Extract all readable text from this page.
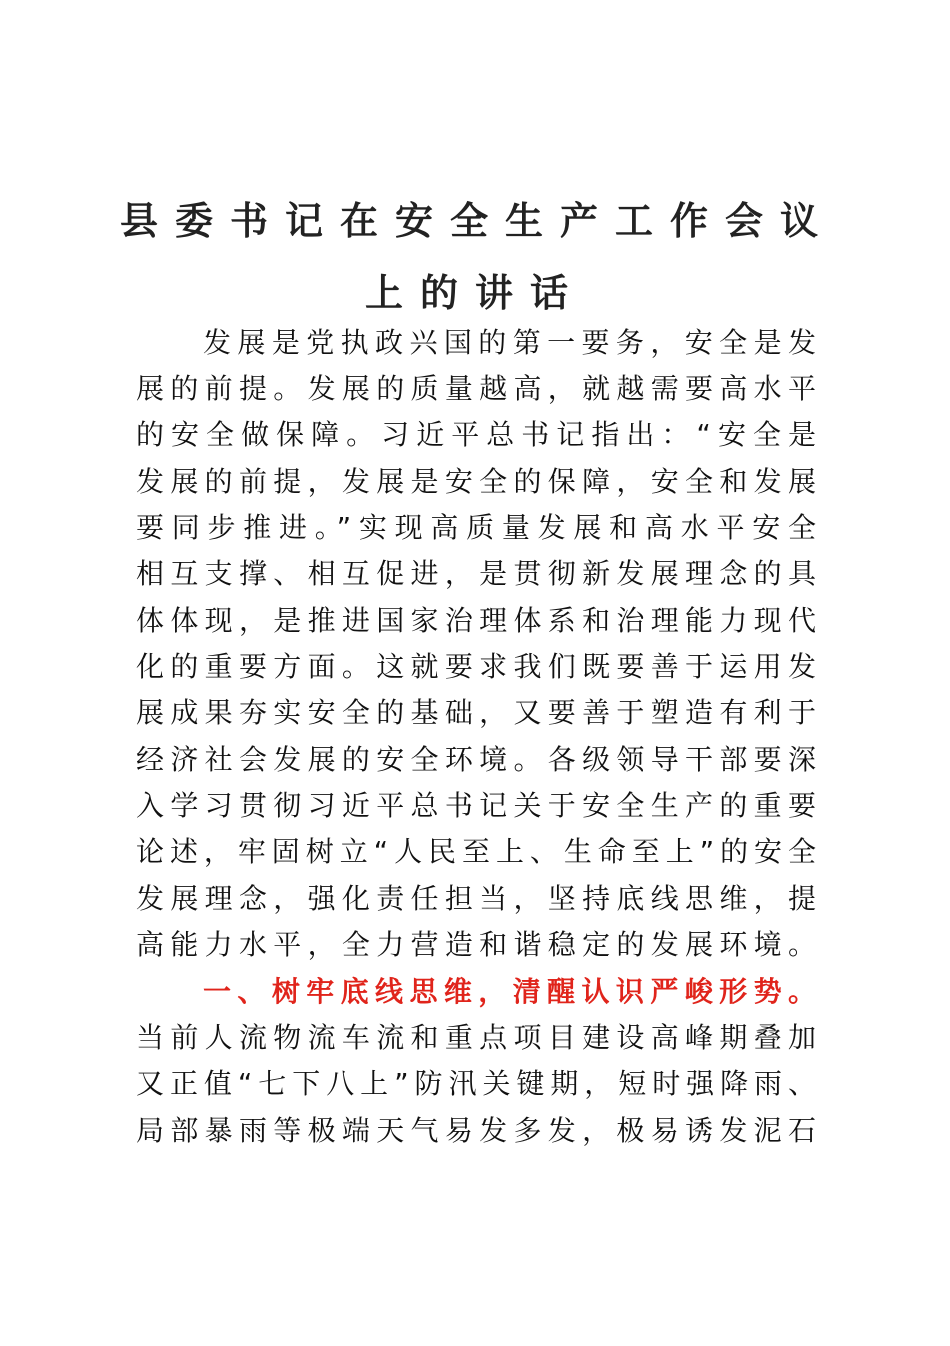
县委书记在安全生产工作会议
上的讲话
发展是党执政兴国的第一要务，安全是发
展的前提。发展的质量越高，就越需要高水平
的安全做保障。习近平总书记指出：“安全是
发展的前提，发展是安全的保障，安全和发展
要同步推进。”实现高质量发展和高水平安全
相互支撑、相互促进，是贯彻新发展理念的具
体体现，是推进国家治理体系和治理能力现代
化的重要方面。这就要求我们既要善于运用发
展成果夯实安全的基础，又要善于塑造有利于
经济社会发展的安全环境。各级领导干部要深
入学习贯彻习近平总书记关于安全生产的重要
论述，牢固树立“人民至上、生命至上”的安全
发展理念，强化责任担当，坚持底线思维，提
高能力水平，全力营造和谐稳定的发展环境。
一、树牢底线思维，清醒认识严峻形势。
当前人流物流车流和重点项目建设高峰期叠加
又正值“七下八上”防汛关键期，短时强降雨、
局部暴雨等极端天气易发多发，极易诱发泥石
